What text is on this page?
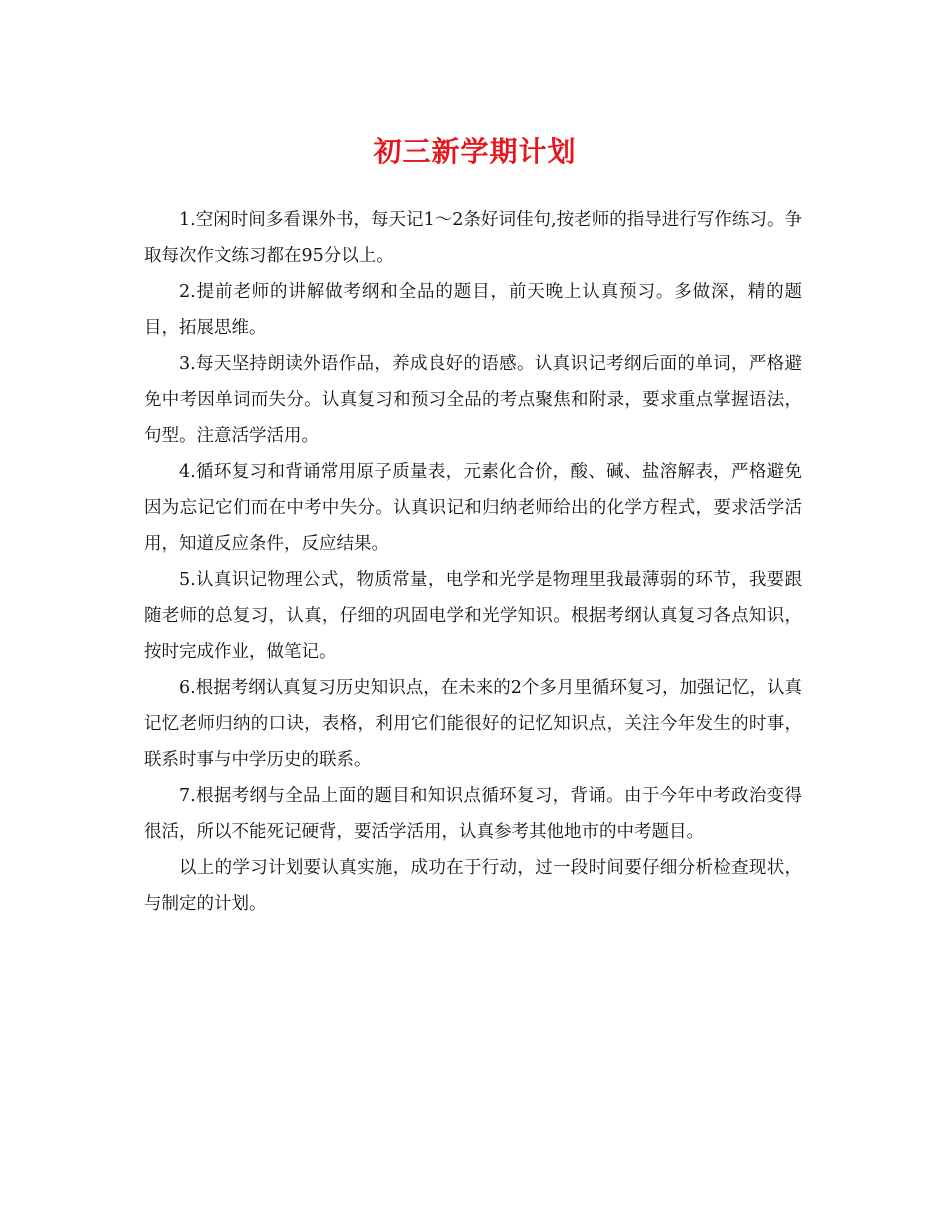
初三新学期计划

1.空闲时间多看课外书，每天记1～2条好词佳句,按老师的指导进行写作练习。争取每次作文练习都在95分以上。

2.提前老师的讲解做考纲和全品的题目，前天晚上认真预习。多做深，精的题目，拓展思维。

3.每天坚持朗读外语作品，养成良好的语感。认真识记考纲后面的单词，严格避免中考因单词而失分。认真复习和预习全品的考点聚焦和附录，要求重点掌握语法，句型。注意活学活用。

4.循环复习和背诵常用原子质量表，元素化合价，酸、碱、盐溶解表，严格避免因为忘记它们而在中考中失分。认真识记和归纳老师给出的化学方程式，要求活学活用，知道反应条件，反应结果。

5.认真识记物理公式，物质常量，电学和光学是物理里我最薄弱的环节，我要跟随老师的总复习，认真，仔细的巩固电学和光学知识。根据考纲认真复习各点知识，按时完成作业，做笔记。

6.根据考纲认真复习历史知识点，在未来的2个多月里循环复习，加强记忆，认真记忆老师归纳的口诀，表格，利用它们能很好的记忆知识点，关注今年发生的时事，联系时事与中学历史的联系。

7.根据考纲与全品上面的题目和知识点循环复习，背诵。由于今年中考政治变得很活，所以不能死记硬背，要活学活用，认真参考其他地市的中考题目。

以上的学习计划要认真实施，成功在于行动，过一段时间要仔细分析检查现状，与制定的计划。
